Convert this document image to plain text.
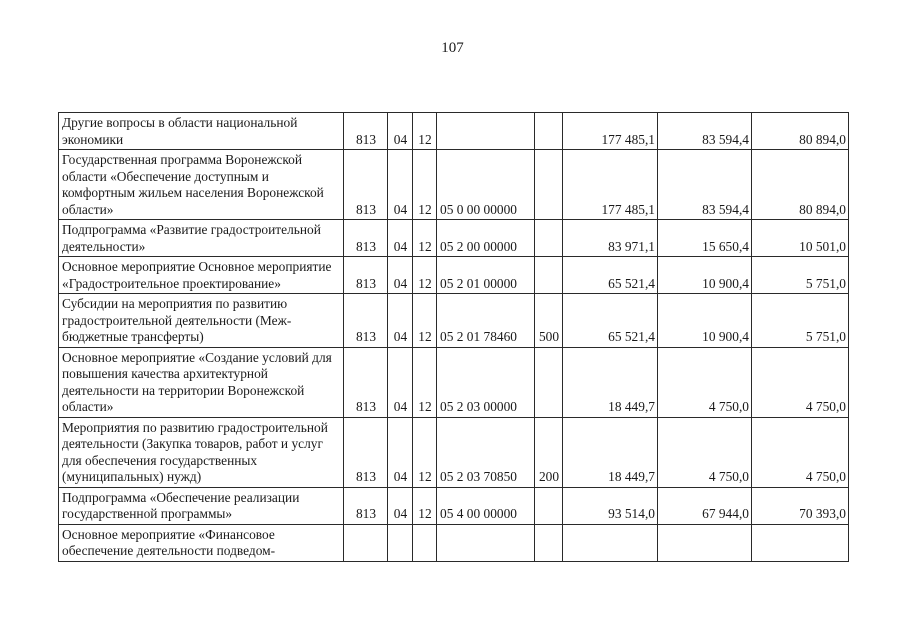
107
Другие вопросы в области национальной экономики	813	04	12			177 485,1	83 594,4	80 894,0
Государственная программа Воронежской области «Обеспечение доступным и комфортным жильем населения Воронежской области»	813	04	12	05 0 00 00000		177 485,1	83 594,4	80 894,0
Подпрограмма «Развитие градостроительной деятельности»	813	04	12	05 2 00 00000		83 971,1	15 650,4	10 501,0
Основное мероприятие Основное мероприятие «Градостроительное проектирование»	813	04	12	05 2 01 00000		65 521,4	10 900,4	5 751,0
Субсидии на мероприятия по развитию градостроительной деятельности (Межбюджетные трансферты)	813	04	12	05 2 01 78460	500	65 521,4	10 900,4	5 751,0
Основное мероприятие «Создание условий для повышения качества архитектурной деятельности на территории Воронежской области»	813	04	12	05 2 03 00000		18 449,7	4 750,0	4 750,0
Мероприятия по развитию градостроительной деятельности (Закупка товаров, работ и услуг для обеспечения государственных (муниципальных) нужд)	813	04	12	05 2 03 70850	200	18 449,7	4 750,0	4 750,0
Подпрограмма «Обеспечение реализации государственной программы»	813	04	12	05 4 00 00000		93 514,0	67 944,0	70 393,0
Основное мероприятие «Финансовое обеспечение деятельности подведом-								
